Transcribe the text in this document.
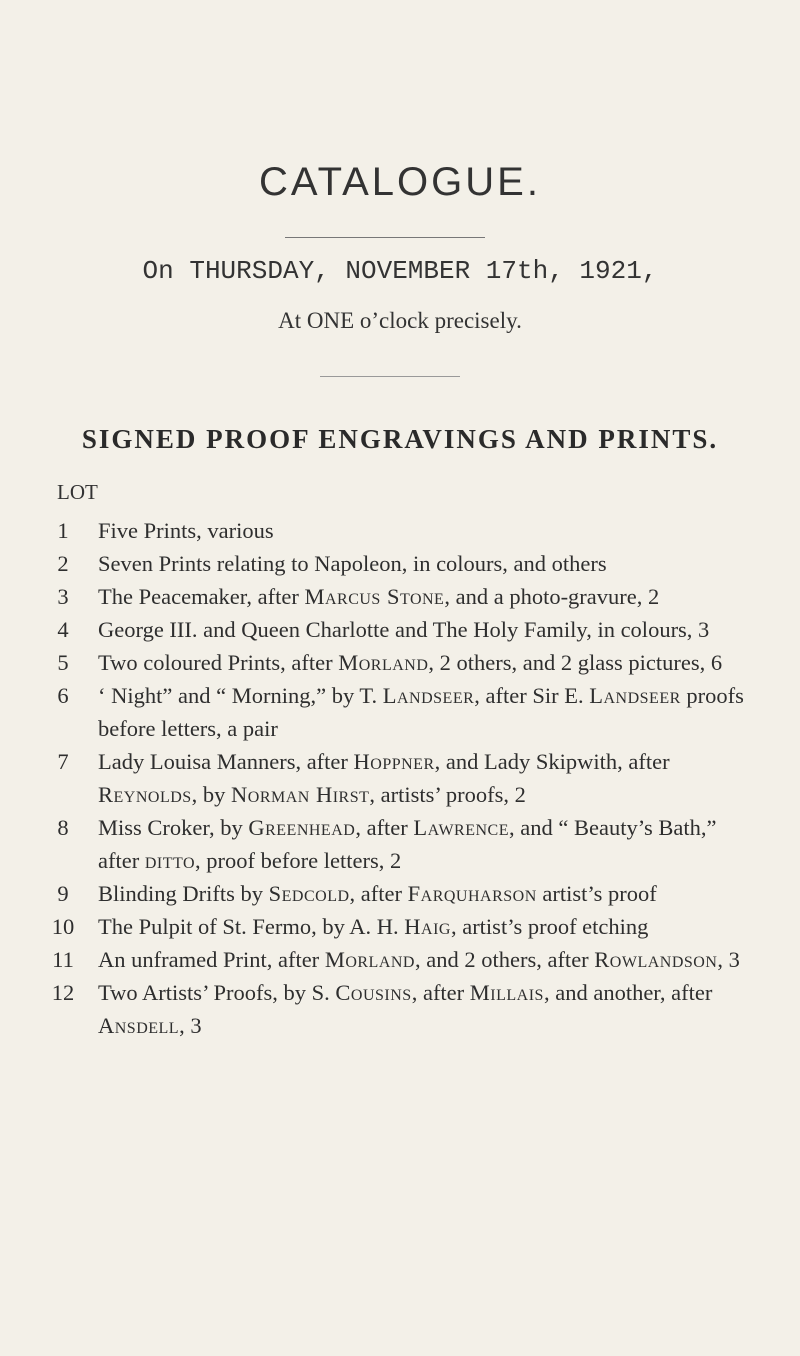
CATALOGUE.
On THURSDAY, NOVEMBER 17th, 1921,
At ONE o’clock precisely.
SIGNED PROOF ENGRAVINGS AND PRINTS.
LOT
1	Five Prints, various
2	Seven Prints relating to Napoleon, in colours, and others
3	The Peacemaker, after Marcus Stone, and a photo-gravure, 2
4	George III. and Queen Charlotte and The Holy Family, in colours, 3
5	Two coloured Prints, after Morland, 2 others, and 2 glass pictures, 6
6	‘ Night” and “ Morning,” by T. Landseer, after Sir E. Landseer proofs before letters, a pair
7	Lady Louisa Manners, after Hoppner, and Lady Skipwith, after Reynolds, by Norman Hirst, artists’ proofs, 2
8	Miss Croker, by Greenhead, after Lawrence, and “ Beauty’s Bath,” after ditto, proof before letters, 2
9	Blinding Drifts by Sedcold, after Farquharson artist’s proof
10 The Pulpit of St. Fermo, by A. H. Haig, artist’s proof etching
11 An unframed Print, after Morland, and 2 others, after Rowlandson, 3
12 Two Artists’ Proofs, by S. Cousins, after Millais, and another, after Ansdell, 3
